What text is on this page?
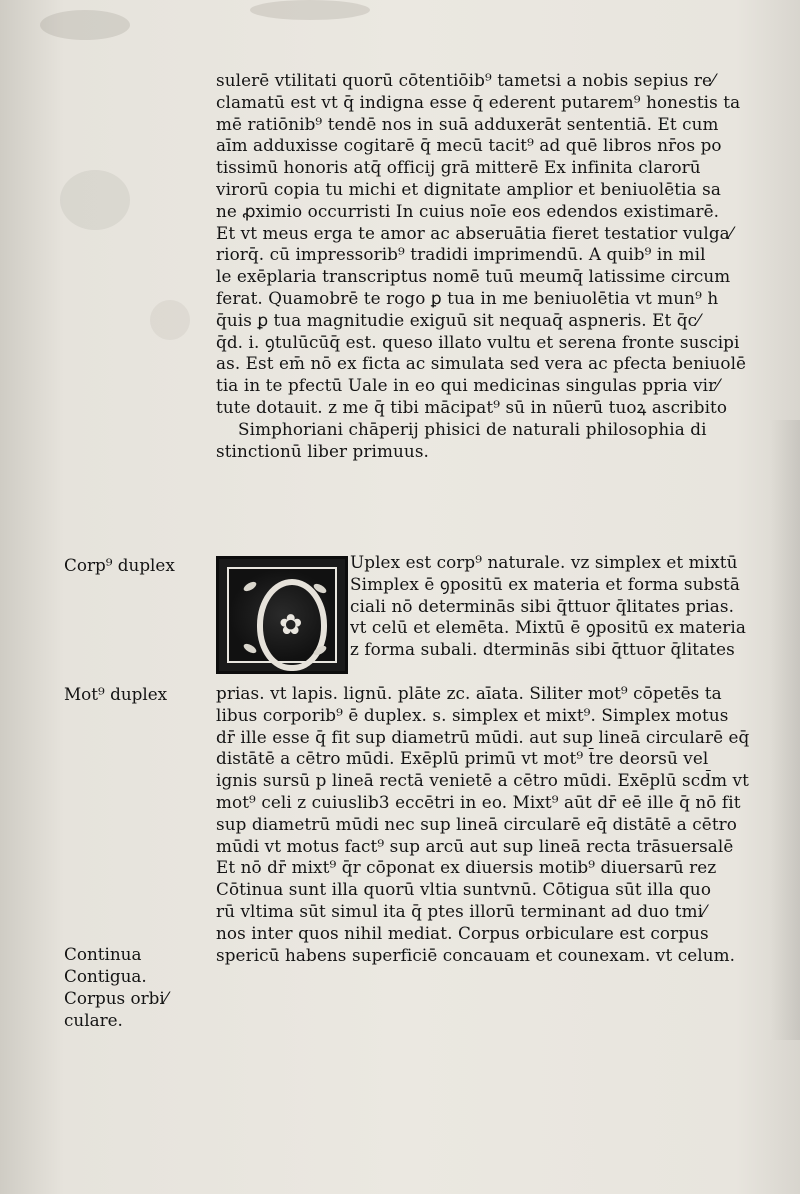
sulerē vtilitati quorū cōtentiōib⁹ tametsi a nobis sepius re⁄
clamatū est vt q̄ indigna esse q̄ ederent putarem⁹ honestis ta
mē ratiōnib⁹ tendē nos in suā adduxerāt sententiā. Et cum
aīm adduxisse cogitarē q̄ mecū tacit⁹ ad quē libros nr̄os po
tissimū honoris atq̄ officij grā mitterē Ex infinita clarorū
virorū copia tu michi et dignitate amplior et beniuolētia sa
ne ꝓximio occurristi In cuius noīe eos edendos existimarē.
Et vt meus erga te amor ac abseruātia fieret testatior vulga⁄
riorq̄. cū impressorib⁹ tradidi imprimendū. A quib⁹ in mil
le exēplaria transcriptus nomē tuū meumq̄ latissime circum
ferat. Quamobrē te rogo ꝑ tua in me beniuolētia vt mun⁹ h
q̄uis ꝑ tua magnitudie exiguū sit nequaq̄ aspneris. Et q̄c⁄
q̄d. i. ꝯtulūcūq̄ est. queso illato vultu et serena fronte suscipi
as. Est em̄ nō ex ficta ac simulata sed vera ac pfecta beniuolē
tia in te pfectū Uale in eo qui medicinas singulas ppria vir⁄
tute dotauit. z me q̄ tibi mācipat⁹ sū in nūerū tuoꝝ ascribito
Simphoriani chāperij phisici de naturali philosophia di
stinctionū liber primuus.
✿
Uplex est corp⁹ naturale. vz simplex et mixtū
Simplex ē ꝯpositū ex materia et forma substā
ciali nō determinās sibi q̄ttuor q̄litates prias.
vt celū et elemēta. Mixtū ē ꝯpositū ex materia
z forma subali. dterminās sibi q̄ttuor q̄litates
prias. vt lapis. lignū. plāte zc. aīata. Siliter mot⁹ cōpetēs ta
libus corporib⁹ ē duplex. s. simplex et mixt⁹. Simplex motus
dr̄ ille esse q̄ fit sup diametrū mūdi. aut sup lineā circularē eq̄
distātē a cētro mūdi. Exēplū primū vt mot⁹ t̄re deorsū vel
ignis sursū p lineā rectā venietē a cētro mūdi. Exēplū scd̄m vt
mot⁹ celi z cuiuslib3 eccētri in eo. Mixt⁹ aūt dr̄ eē ille q̄ nō fit
sup diametrū mūdi nec sup lineā circularē eq̄ distātē a cētro
mūdi vt motus fact⁹ sup arcū aut sup lineā recta trāsuersalē
Et nō dr̄ mixt⁹ q̄r cōponat ex diuersis motib⁹ diuersarū rez
Cōtinua sunt illa quorū vltia suntvnū. Cōtigua sūt illa quo
rū vltima sūt simul ita q̄ ptes illorū terminant ad duo tmi⁄
nos inter quos nihil mediat. Corpus orbiculare est corpus
spericū habens superficiē concauam et counexam. vt celum.
Corp⁹ duplex
Mot⁹ duplex
Continua
Contigua.
Corpus orbi⁄
culare.
